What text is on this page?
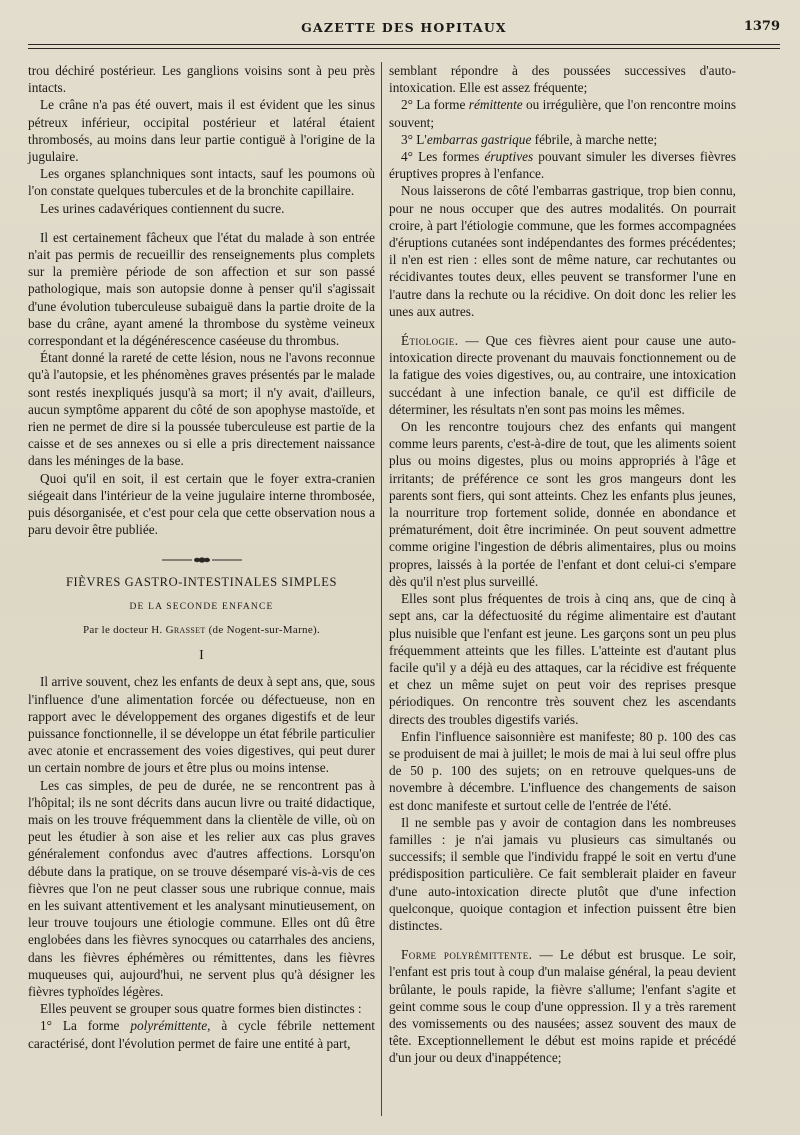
GAZETTE DES HOPITAUX	1379

trou déchiré postérieur. Les ganglions voisins sont à peu près intacts.

Le crâne n'a pas été ouvert, mais il est évident que les sinus pétreux inférieur, occipital postérieur et latéral étaient thrombosés, au moins dans leur partie contiguë à l'origine de la jugulaire.

Les organes splanchniques sont intacts, sauf les poumons où l'on constate quelques tubercules et de la bronchite capillaire.

Les urines cadavériques contiennent du sucre.

Il est certainement fâcheux que l'état du malade à son entrée n'ait pas permis de recueillir des renseignements plus complets sur la première période de son affection et sur son passé pathologique, mais son autopsie donne à penser qu'il s'agissait d'une évolution tuberculeuse subaiguë dans la partie droite de la base du crâne, ayant amené la thrombose du système veineux correspondant et la dégénérescence caséeuse du thrombus.

Étant donné la rareté de cette lésion, nous ne l'avons reconnue qu'à l'autopsie, et les phénomènes graves présentés par le malade sont restés inexpliqués jusqu'à sa mort; il n'y avait, d'ailleurs, aucun symptôme apparent du côté de son apophyse mastoïde, et rien ne permet de dire si la poussée tuberculeuse est partie de la caisse et de ses annexes ou si elle a pris directement naissance dans les méninges de la base.

Quoi qu'il en soit, il est certain que le foyer extra-cranien siégeait dans l'intérieur de la veine jugulaire interne thrombosée, puis désorganisée, et c'est pour cela que cette observation nous a paru devoir être publiée.

FIÈVRES GASTRO-INTESTINALES SIMPLES
DE LA SECONDE ENFANCE
Par le docteur H. Grasset (de Nogent-sur-Marne).
I

Il arrive souvent, chez les enfants de deux à sept ans, que, sous l'influence d'une alimentation forcée ou défectueuse, non en rapport avec le développement des organes digestifs et de leur puissance fonctionnelle, il se développe un état fébrile particulier avec atonie et encrassement des voies digestives, qui peut durer un certain nombre de jours et être plus ou moins intense.

Les cas simples, de peu de durée, ne se rencontrent pas à l'hôpital; ils ne sont décrits dans aucun livre ou traité didactique, mais on les trouve fréquemment dans la clientèle de ville, où on peut les étudier à son aise et les relier aux cas plus graves généralement confondus avec d'autres affections. Lorsqu'on débute dans la pratique, on se trouve désemparé vis-à-vis de ces fièvres que l'on ne peut classer sous une rubrique connue, mais en les suivant attentivement et les analysant minutieusement, on leur trouve toujours une étiologie commune. Elles ont dû être englobées dans les fièvres synocques ou catarrhales des anciens, dans les fièvres éphémères ou rémittentes, dans les fièvres muqueuses qui, aujourd'hui, ne servent plus qu'à désigner les fièvres typhoïdes légères.

Elles peuvent se grouper sous quatre formes bien distinctes :

1° La forme polyrémittente, à cycle fébrile nettement caractérisé, dont l'évolution permet de faire une entité à part,

semblant répondre à des poussées successives d'auto-intoxication. Elle est assez fréquente;

2° La forme rémittente ou irrégulière, que l'on rencontre moins souvent;

3° L'embarras gastrique fébrile, à marche nette;

4° Les formes éruptives pouvant simuler les diverses fièvres éruptives propres à l'enfance.

Nous laisserons de côté l'embarras gastrique, trop bien connu, pour ne nous occuper que des autres modalités. On pourrait croire, à part l'étiologie commune, que les formes accompagnées d'éruptions cutanées sont indépendantes des formes précédentes; il n'en est rien : elles sont de même nature, car rechutantes ou récidivantes toutes deux, elles peuvent se transformer l'une en l'autre dans la rechute ou la récidive. On doit donc les relier les unes aux autres.

Étiologie. — Que ces fièvres aient pour cause une auto-intoxication directe provenant du mauvais fonctionnement ou de la fatigue des voies digestives, ou, au contraire, une intoxication succédant à une infection banale, ce qu'il est difficile de déterminer, les résultats n'en sont pas moins les mêmes.

On les rencontre toujours chez des enfants qui mangent comme leurs parents, c'est-à-dire de tout, que les aliments soient plus ou moins digestes, plus ou moins appropriés à l'âge et irritants; de préférence ce sont les gros mangeurs dont les parents sont fiers, qui sont atteints. Chez les enfants plus jeunes, la nourriture trop fortement solide, donnée en abondance et prématurément, doit être incriminée. On peut souvent admettre comme origine l'ingestion de débris alimentaires, plus ou moins propres, laissés à la portée de l'enfant et dont celui-ci s'empare dès qu'il n'est plus surveillé.

Elles sont plus fréquentes de trois à cinq ans, que de cinq à sept ans, car la défectuosité du régime alimentaire est d'autant plus nuisible que l'enfant est jeune. Les garçons sont un peu plus fréquemment atteints que les filles. L'atteinte est d'autant plus facile qu'il y a déjà eu des attaques, car la récidive est fréquente et chez un même sujet on peut voir des reprises presque périodiques. On rencontre très souvent chez les ascendants directs des troubles digestifs variés.

Enfin l'influence saisonnière est manifeste; 80 p. 100 des cas se produisent de mai à juillet; le mois de mai à lui seul offre plus de 50 p. 100 des sujets; on en retrouve quelques-uns de novembre à décembre. L'influence des changements de saison est donc manifeste et surtout celle de l'entrée de l'été.

Il ne semble pas y avoir de contagion dans les nombreuses familles : je n'ai jamais vu plusieurs cas simultanés ou successifs; il semble que l'individu frappé le soit en vertu d'une prédisposition particulière. Ce fait semblerait plaider en faveur d'une auto-intoxication directe plutôt que d'une infection quelconque, quoique contagion et infection puissent être bien distinctes.

Forme polyrémittente. — Le début est brusque. Le soir, l'enfant est pris tout à coup d'un malaise général, la peau devient brûlante, le pouls rapide, la fièvre s'allume; l'enfant s'agite et geint comme sous le coup d'une oppression. Il y a très rarement des vomissements ou des nausées; assez souvent des maux de tête. Exceptionnellement le début est moins rapide et précédé d'un jour ou deux d'inappétence;
